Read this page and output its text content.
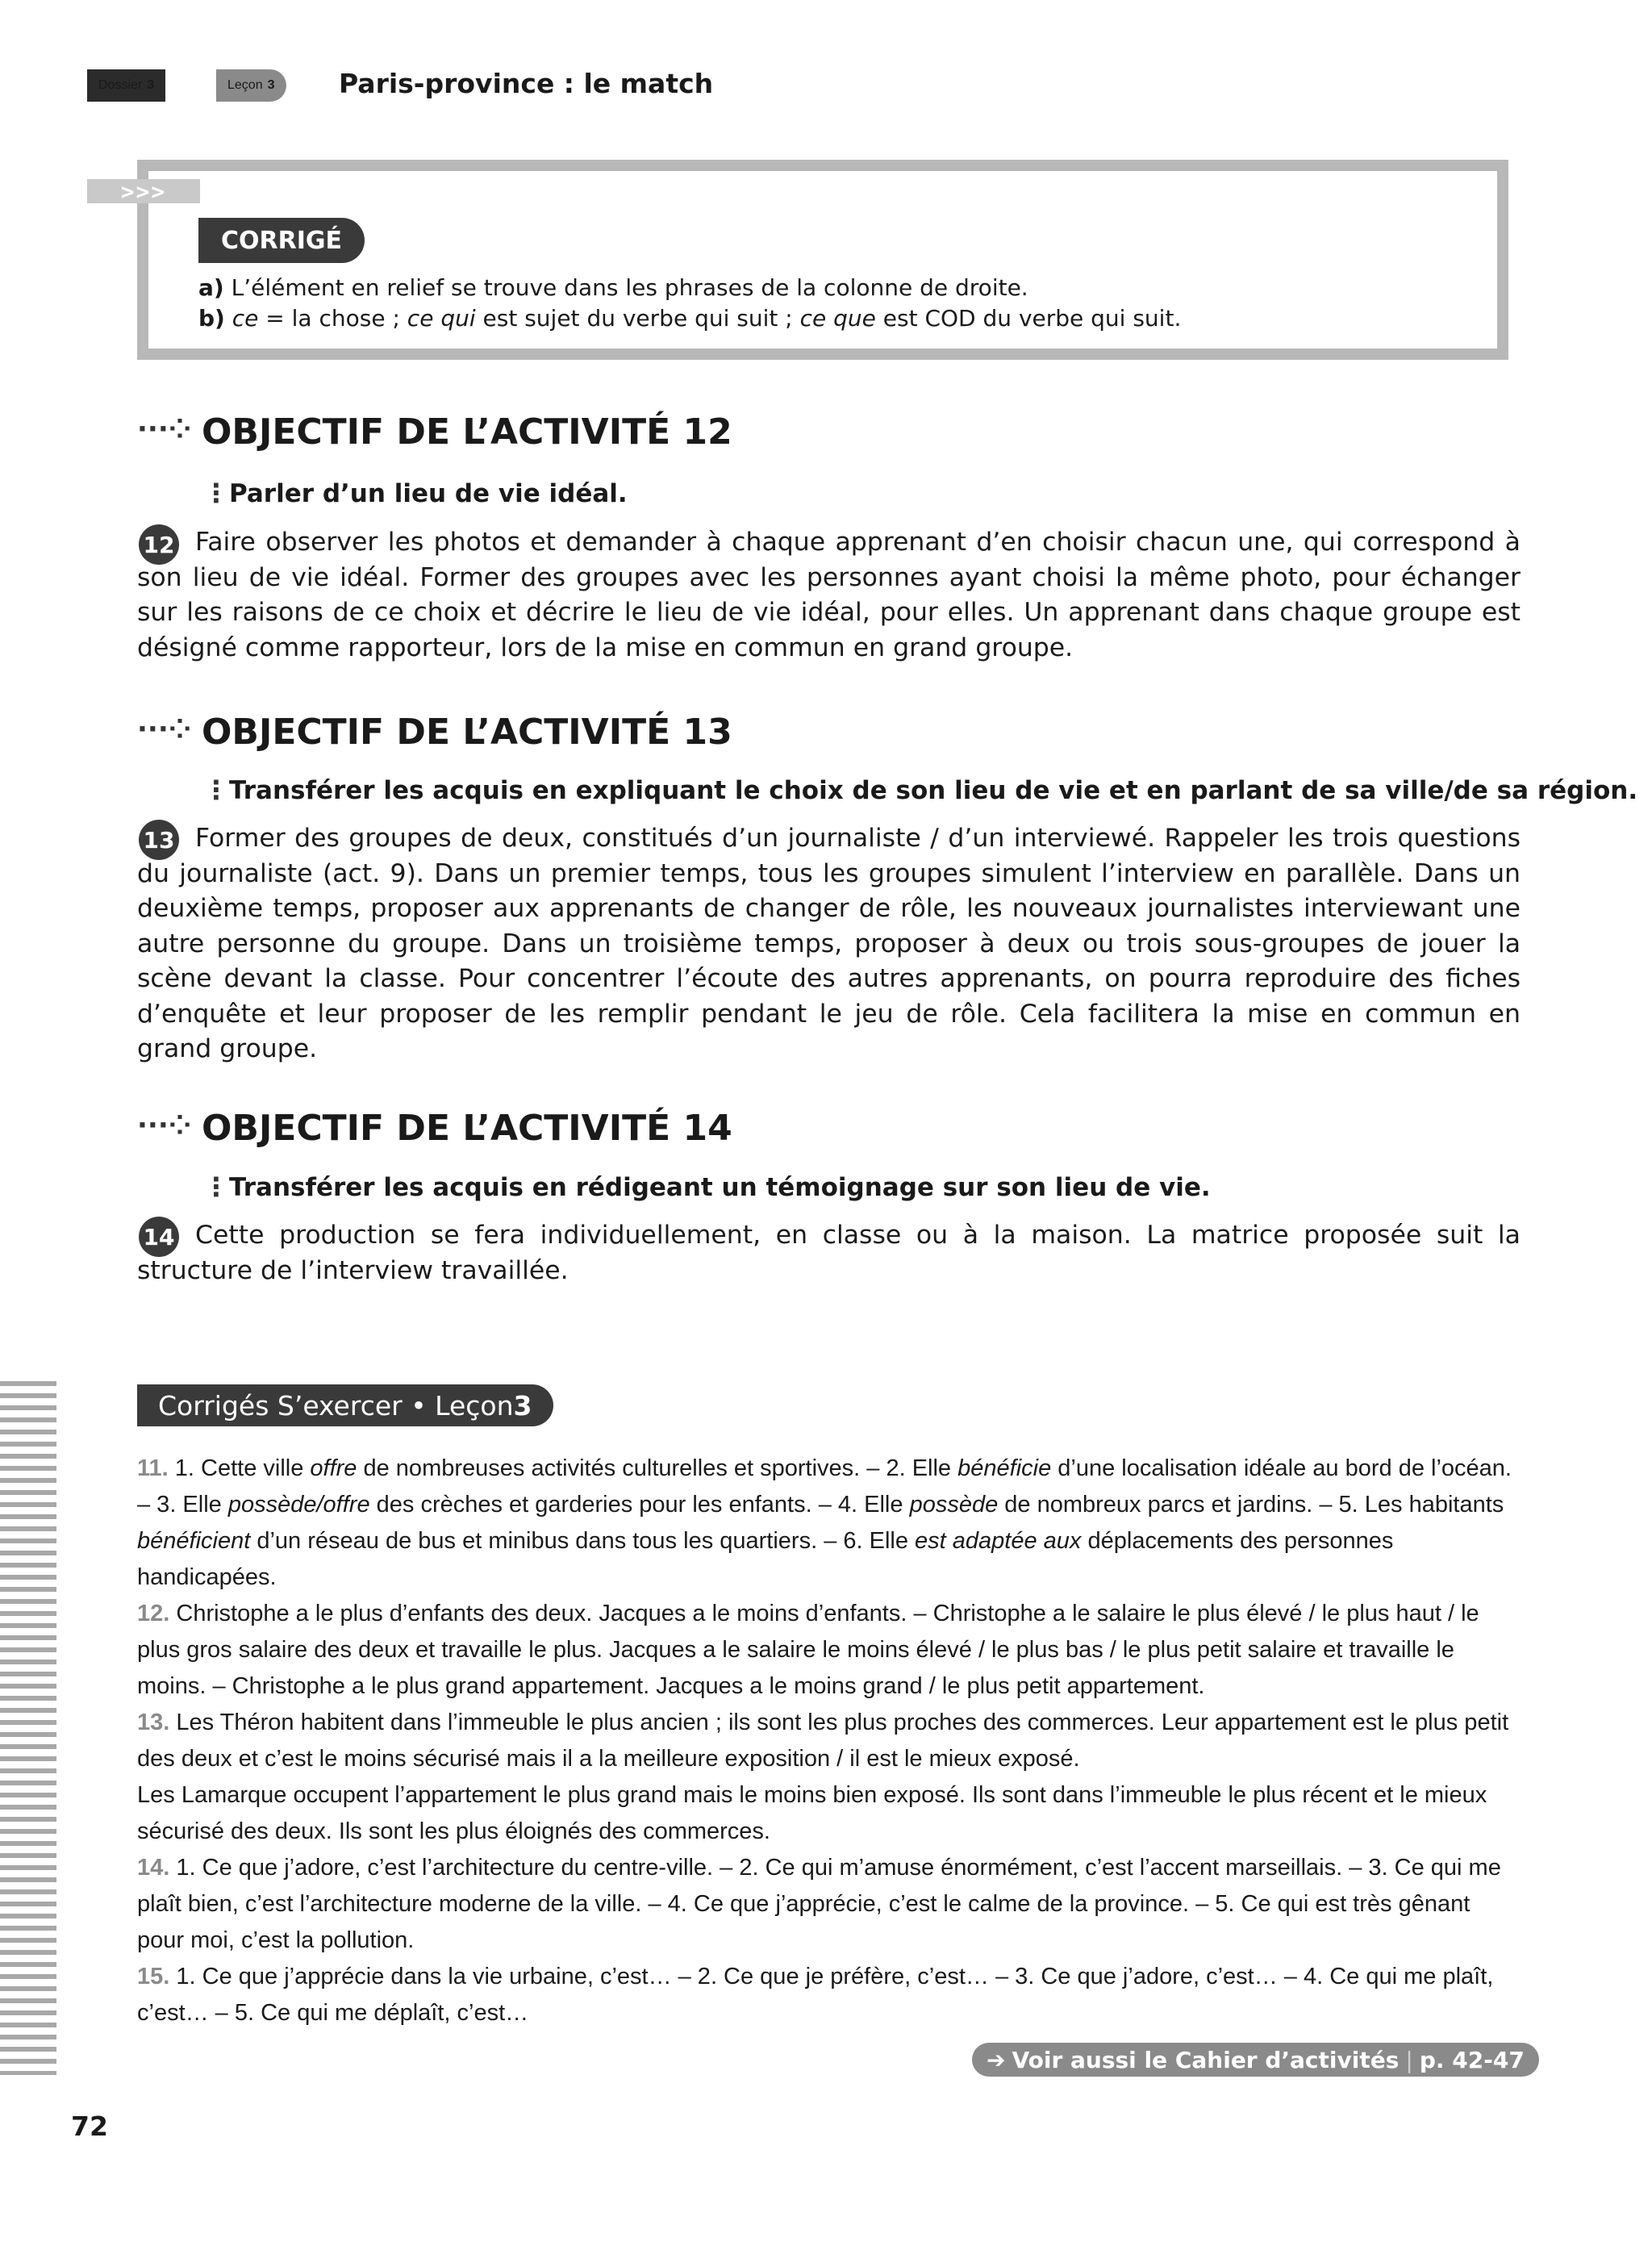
Dossier 3	Leçon 3 Paris-province : le match
>>>
CORRIGÉ
a) L’élément en relief se trouve dans les phrases de la colonne de droite.
b) ce = la chose ; ce qui est sujet du verbe qui suit ; ce que est COD du verbe qui suit.
···⁘ OBJECTIF DE L’ACTIVITÉ 12
⋮Parler d’un lieu de vie idéal.
12 Faire observer les photos et demander à chaque apprenant d’en choisir chacun une, qui correspond à son lieu de vie idéal. Former des groupes avec les personnes ayant choisi la même photo, pour échanger sur les raisons de ce choix et décrire le lieu de vie idéal, pour elles. Un apprenant dans chaque groupe est désigné comme rapporteur, lors de la mise en commun en grand groupe.
···⁘ OBJECTIF DE L’ACTIVITÉ 13
⋮Transférer les acquis en expliquant le choix de son lieu de vie et en parlant de sa ville/de sa région.
13 Former des groupes de deux, constitués d’un journaliste / d’un interviewé. Rappeler les trois questions du journaliste (act. 9). Dans un premier temps, tous les groupes simulent l’interview en parallèle. Dans un deuxième temps, proposer aux apprenants de changer de rôle, les nouveaux journalistes interviewant une autre personne du groupe. Dans un troisième temps, proposer à deux ou trois sous-groupes de jouer la scène devant la classe. Pour concentrer l’écoute des autres apprenants, on pourra reproduire des fiches d’enquête et leur proposer de les remplir pendant le jeu de rôle. Cela facilitera la mise en commun en grand groupe.
···⁘ OBJECTIF DE L’ACTIVITÉ 14
⋮Transférer les acquis en rédigeant un témoignage sur son lieu de vie.
14 Cette production se fera individuellement, en classe ou à la maison. La matrice proposée suit la structure de l’interview travaillée.
Corrigés S’exercer • Leçon 3

11. 1. Cette ville offre de nombreuses activités culturelles et sportives. – 2. Elle bénéficie d’une localisation idéale au bord de l’océan. – 3. Elle possède/offre des crèches et garderies pour les enfants. – 4. Elle possède de nombreux parcs et jardins. – 5. Les habitants bénéficient d’un réseau de bus et minibus dans tous les quartiers. – 6. Elle est adaptée aux déplacements des personnes handicapées.

12. Christophe a le plus d’enfants des deux. Jacques a le moins d’enfants. – Christophe a le salaire le plus élevé / le plus haut / le plus gros salaire des deux et travaille le plus. Jacques a le salaire le moins élevé / le plus bas / le plus petit salaire et travaille le moins. – Christophe a le plus grand appartement. Jacques a le moins grand / le plus petit appartement.

13. Les Théron habitent dans l’immeuble le plus ancien ; ils sont les plus proches des commerces. Leur appartement est le plus petit des deux et c’est le moins sécurisé mais il a la meilleure exposition / il est le mieux exposé.

Les Lamarque occupent l’appartement le plus grand mais le moins bien exposé. Ils sont dans l’immeuble le plus récent et le mieux sécurisé des deux. Ils sont les plus éloignés des commerces.

14. 1. Ce que j’adore, c’est l’architecture du centre-ville. – 2. Ce qui m’amuse énormément, c’est l’accent marseillais. – 3. Ce qui me plaît bien, c’est l’architecture moderne de la ville. – 4. Ce que j’apprécie, c’est le calme de la province. – 5. Ce qui est très gênant pour moi, c’est la pollution.

15. 1. Ce que j’apprécie dans la vie urbaine, c’est… – 2. Ce que je préfère, c’est… – 3. Ce que j’adore, c’est… – 4. Ce qui me plaît, c’est… – 5. Ce qui me déplaît, c’est…

➔ Voir aussi le Cahier d’activités | p. 42-47
72
